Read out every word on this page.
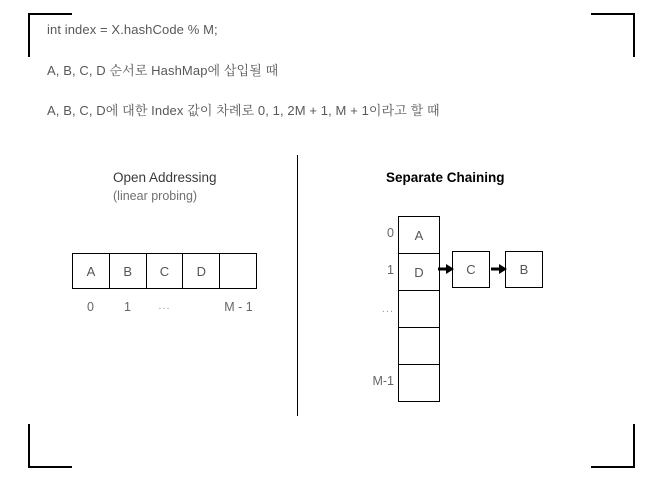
int index = X.hashCode % M;
A, B, C, D 순서로 HashMap에 삽입될 때
A, B, C, D에 대한 Index 값이 차례로 0, 1, 2M + 1, M + 1이라고 할 때
Open Addressing
(linear probing)
A	B	C	D
0	1	...	M - 1
Separate Chaining
A
D
0
1
...
M-1
C	B
